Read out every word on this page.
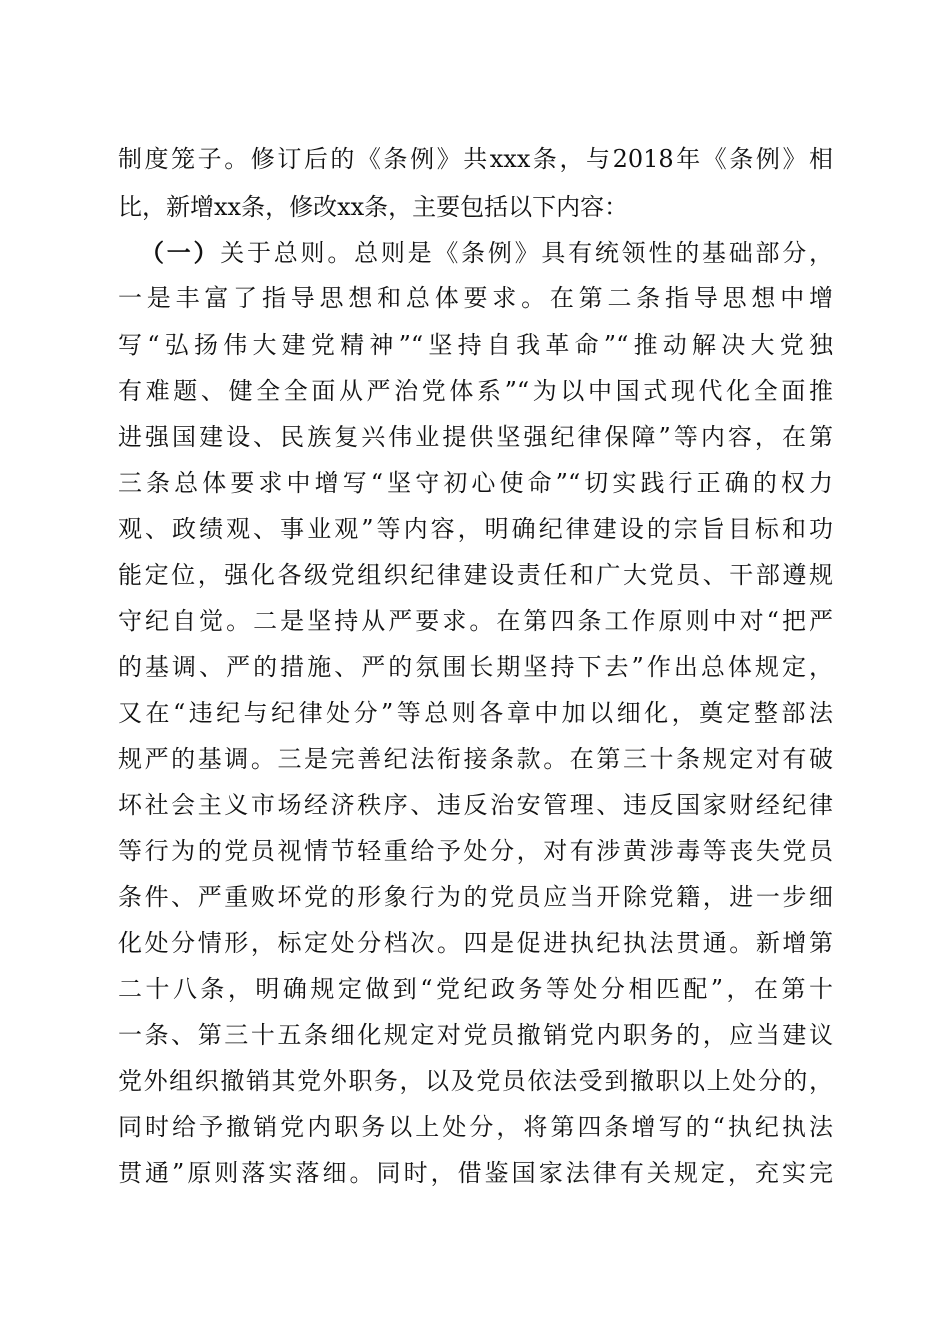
制度笼子。修订后的《条例》共xxx条，与2018年《条例》相
比，新增xx条，修改xx条，主要包括以下内容：
（一）关于总则。总则是《条例》具有统领性的基础部分，
一是丰富了指导思想和总体要求。在第二条指导思想中增
写“弘扬伟大建党精神”“坚持自我革命”“推动解决大党独
有难题、健全全面从严治党体系”“为以中国式现代化全面推
进强国建设、民族复兴伟业提供坚强纪律保障”等内容，在第
三条总体要求中增写“坚守初心使命”“切实践行正确的权力
观、政绩观、事业观”等内容，明确纪律建设的宗旨目标和功
能定位，强化各级党组织纪律建设责任和广大党员、干部遵规
守纪自觉。二是坚持从严要求。在第四条工作原则中对“把严
的基调、严的措施、严的氛围长期坚持下去”作出总体规定，
又在“违纪与纪律处分”等总则各章中加以细化，奠定整部法
规严的基调。三是完善纪法衔接条款。在第三十条规定对有破
坏社会主义市场经济秩序、违反治安管理、违反国家财经纪律
等行为的党员视情节轻重给予处分，对有涉黄涉毒等丧失党员
条件、严重败坏党的形象行为的党员应当开除党籍，进一步细
化处分情形，标定处分档次。四是促进执纪执法贯通。新增第
二十八条，明确规定做到“党纪政务等处分相匹配”，在第十
一条、第三十五条细化规定对党员撤销党内职务的，应当建议
党外组织撤销其党外职务，以及党员依法受到撤职以上处分的，
同时给予撤销党内职务以上处分，将第四条增写的“执纪执法
贯通”原则落实落细。同时，借鉴国家法律有关规定，充实完
